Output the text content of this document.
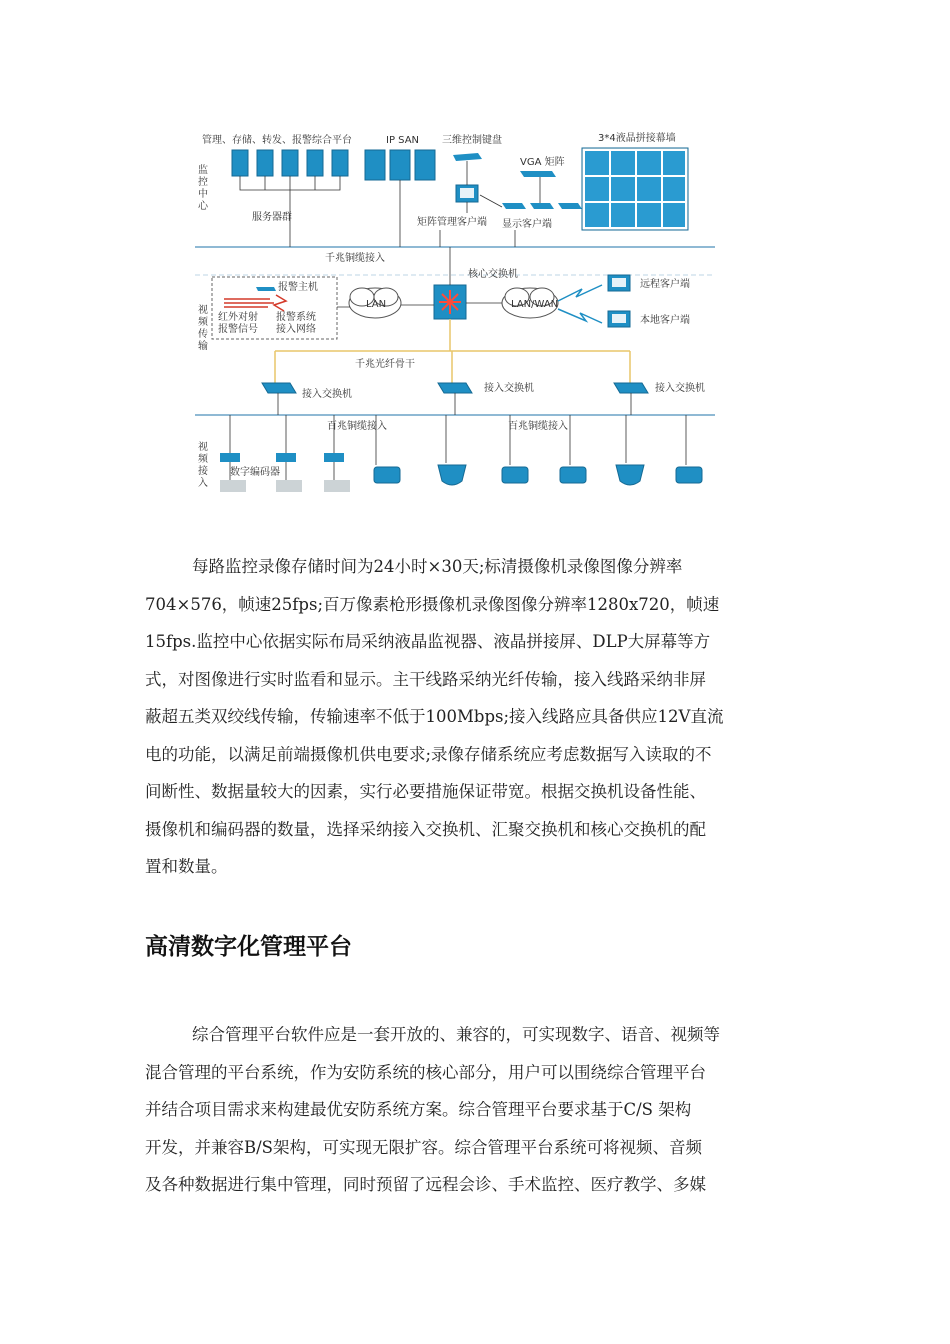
监控中心
视频传输
视频接入
管理、存储、转发、报警综合平台
服务器群
IP SAN 三维控制键盘
矩阵管理客户端
VGA 矩阵
显示客户端
3*4液晶拼接幕墙
千兆铜缆接入
核心交换机
报警主机
红外对射报警信号
报警系统接入网络
LAN	LAN/WAN
远程客户端
本地客户端
千兆光纤骨干
接入交换机
接入交换机	接入交换机
百兆铜缆接入	百兆铜缆接入
数字编码器
每路监控录像存储时间为24小时×30天;标清摄像机录像图像分辨率
704×576，帧速25fps;百万像素枪形摄像机录像图像分辨率1280x720，帧速
15fps.监控中心依据实际布局采纳液晶监视器、液晶拼接屏、DLP大屏幕等方
式，对图像进行实时监看和显示。主干线路采纳光纤传输，接入线路采纳非屏
蔽超五类双绞线传输，传输速率不低于100Mbps;接入线路应具备供应12V直流
电的功能，以满足前端摄像机供电要求;录像存储系统应考虑数据写入读取的不
间断性、数据量较大的因素，实行必要措施保证带宽。根据交换机设备性能、
摄像机和编码器的数量，选择采纳接入交换机、汇聚交换机和核心交换机的配
置和数量。
高清数字化管理平台
综合管理平台软件应是一套开放的、兼容的，可实现数字、语音、视频等
混合管理的平台系统，作为安防系统的核心部分，用户可以围绕综合管理平台
并结合项目需求来构建最优安防系统方案。综合管理平台要求基于C/S 架构
开发，并兼容B/S架构，可实现无限扩容。综合管理平台系统可将视频、音频
及各种数据进行集中管理，同时预留了远程会诊、手术监控、医疗教学、多媒
